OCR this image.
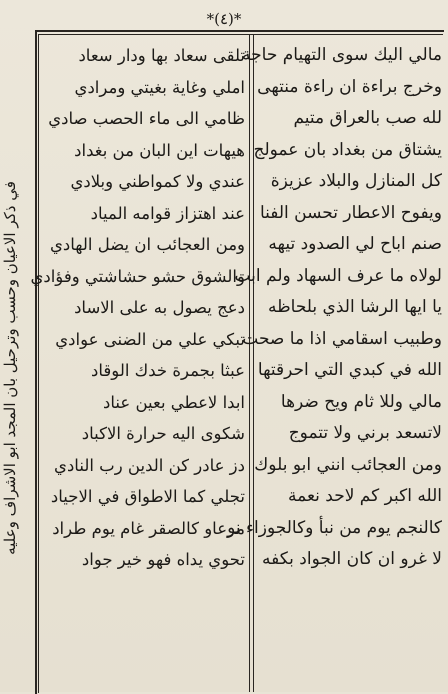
*(٤)*
مالي اليك سوى التهيام حاجة
وخرج براءة ان راءة منتهى
لله صب بالعراق متيم
يشتاق من بغداد بان عمولج
كل المنازل والبلاد عزيزة
ويفوح الاعطار تحسن الفنا
صنم اباح لي الصدود تيهه
لولاه ما عرف السهاد ولم ابت
يا ايها الرشا الذي بلحاظه
وطبيب اسقامي اذا ما صحت
الله في كبدي التي احرقتها
مالي وللا ثام ويح ضرها
لاتسعد برني ولا تتموج
ومن العجائب انني ابو بلوك
الله اكبر كم لاحد نعمة
كالنجم يوم من نبأ وكالجوزاء نو
لا غرو ان كان الجواد بكفه
تلقى سعاد بها ودار سعاد
املي وغاية بغيتي ومرادي
ظامي الى ماء الحصب صادي
هيهات اين البان من بغداد
عندي ولا كمواطني وبلادي
عند اهتزاز قوامه المياد
ومن العجائب ان يضل الهادي
والشوق حشو حشاشتي وفؤادي
دعج يصول به على الاساد
تبكي علي من الضنى عوادي
عبثا بجمرة خدك الوقاد
ابدا لاعطي بعين عناد
شكوى اليه حرارة الاكباد
دز عادر كن الدين رب النادي
تجلي كما الاطواق في الاجياد
مرعاو كالصقر غام يوم طراد
تحوي يداه فهو خير جواد
في ذكر الاعيان وحسب وترحيل بان المجد ابو الاشراف وعليه
